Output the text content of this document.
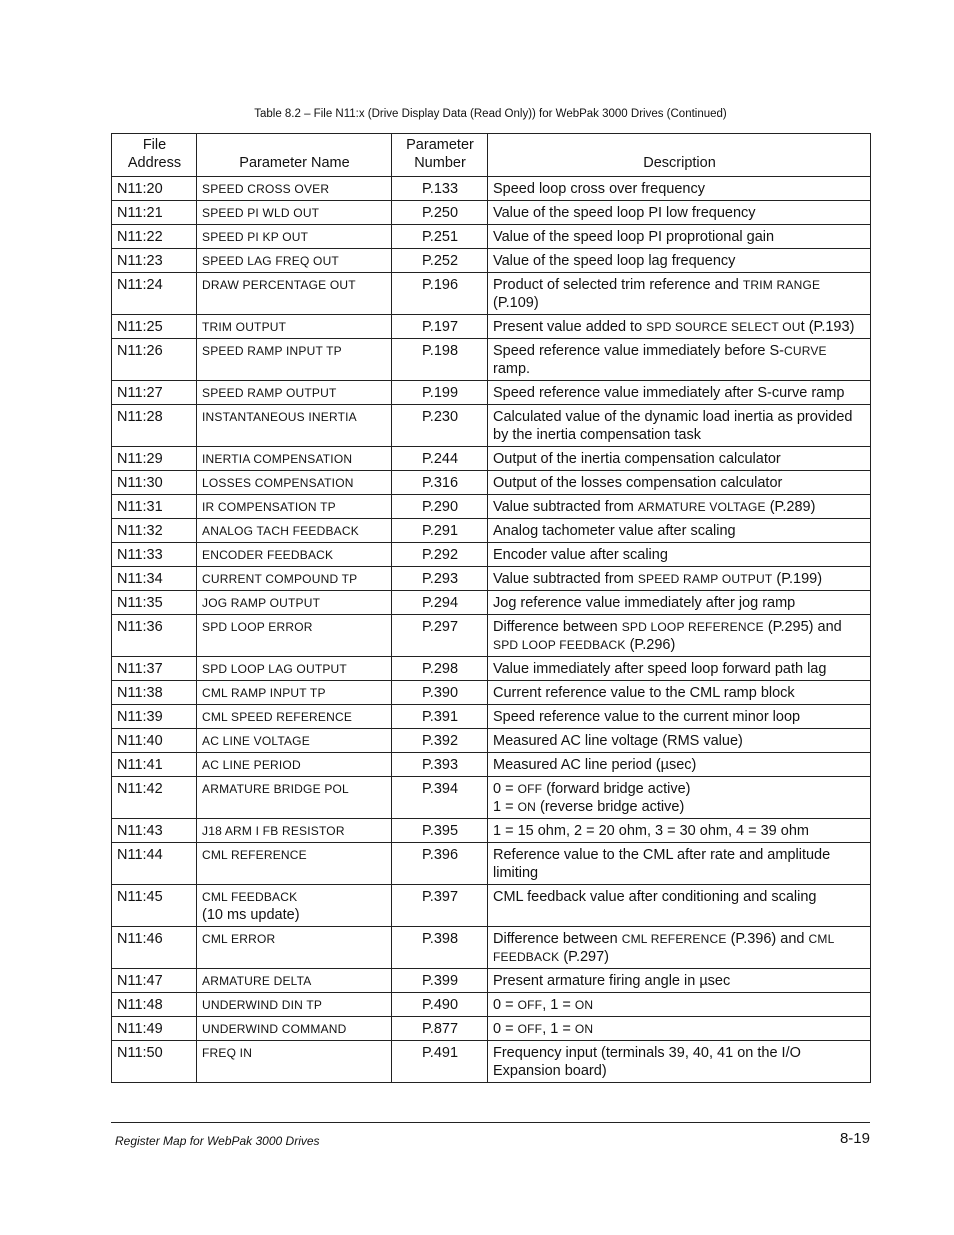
Table 8.2 – File N11:x (Drive Display Data (Read Only)) for WebPak 3000 Drives (Continued)
File Address	Parameter Name	Parameter Number	Description
N11:20	SPEED CROSS OVER	P.133	Speed loop cross over frequency
N11:21	SPEED PI WLD OUT	P.250	Value of the speed loop PI low frequency
N11:22	SPEED PI KP OUT	P.251	Value of the speed loop PI proprotional gain
N11:23	SPEED LAG FREQ OUT	P.252	Value of the speed loop lag frequency
N11:24	DRAW PERCENTAGE OUT	P.196	Product of selected trim reference and TRIM RANGE (P.109)
N11:25	TRIM OUTPUT	P.197	Present value added to SPD SOURCE SELECT OUt (P.193)
N11:26	SPEED RAMP INPUT TP	P.198	Speed reference value immediately before S-CURVE ramp.
N11:27	SPEED RAMP OUTPUT	P.199	Speed reference value immediately after S-curve ramp
N11:28	INSTANTANEOUS INERTIA	P.230	Calculated value of the dynamic load inertia as provided by the inertia compensation task
N11:29	INERTIA COMPENSATION	P.244	Output of the inertia compensation calculator
N11:30	LOSSES COMPENSATION	P.316	Output of the losses compensation calculator
N11:31	IR COMPENSATION TP	P.290	Value subtracted from ARMATURE VOLTAGE (P.289)
N11:32	ANALOG TACH FEEDBACK	P.291	Analog tachometer value after scaling
N11:33	ENCODER FEEDBACK	P.292	Encoder value after scaling
N11:34	CURRENT COMPOUND TP	P.293	Value subtracted from SPEED RAMP OUTPUT (P.199)
N11:35	JOG RAMP OUTPUT	P.294	Jog reference value immediately after jog ramp
N11:36	SPD LOOP ERROR	P.297	Difference between SPD LOOP REFERENCE (P.295) and SPD LOOP FEEDBACK (P.296)
N11:37	SPD LOOP LAG OUTPUT	P.298	Value immediately after speed loop forward path lag
N11:38	CML RAMP INPUT TP	P.390	Current reference value to the CML ramp block
N11:39	CML SPEED REFERENCE	P.391	Speed reference value to the current minor loop
N11:40	AC LINE VOLTAGE	P.392	Measured AC line voltage (RMS value)
N11:41	AC LINE PERIOD	P.393	Measured AC line period (µsec)
N11:42	ARMATURE BRIDGE POL	P.394	0 = OFF (forward bridge active)
1 = ON (reverse bridge active)
N11:43	J18 ARM I FB RESISTOR	P.395	1 = 15 ohm, 2 = 20 ohm, 3 = 30 ohm, 4 = 39 ohm
N11:44	CML REFERENCE	P.396	Reference value to the CML after rate and amplitude limiting
N11:45	CML FEEDBACK
(10 ms update)	P.397	CML feedback value after conditioning and scaling
N11:46	CML ERROR	P.398	Difference between CML REFERENCE (P.396) and CML FEEDBACK (P.297)
N11:47	ARMATURE DELTA	P.399	Present armature firing angle in µsec
N11:48	UNDERWIND DIN TP	P.490	0 = OFF, 1 = ON
N11:49	UNDERWIND COMMAND	P.877	0 = OFF, 1 = ON
N11:50	FREQ IN	P.491	Frequency input (terminals 39, 40, 41 on the I/O Expansion board)
Register Map for WebPak 3000 Drives	8-19
